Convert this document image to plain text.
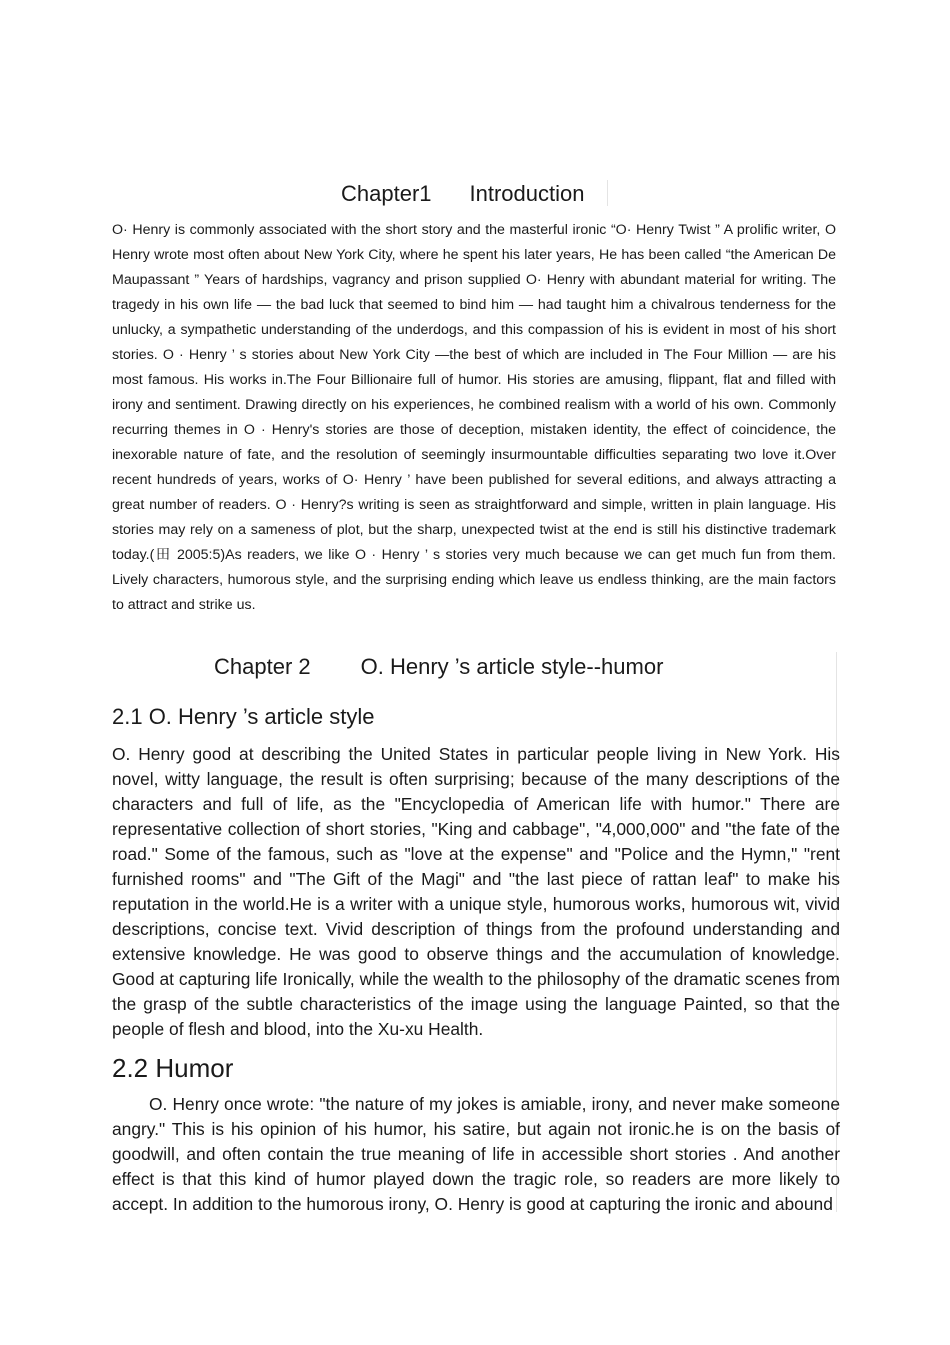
Chapter1 Introduction

O· Henry is commonly associated with the short story and the masterful ironic “O· Henry Twist ” A prolific writer, O Henry wrote most often about New York City, where he spent his later years, He has been called “the American De Maupassant ” Years of hardships, vagrancy and prison supplied O· Henry with abundant material for writing. The tragedy in his own life — the bad luck that seemed to bind him — had taught him a chivalrous tenderness for the unlucky, a sympathetic understanding of the underdogs, and this compassion of his is evident in most of his short stories. O · Henry ’ s stories about New York City —the best of which are included in The Four Million — are his most famous. His works in.The Four Billionaire full of humor. His stories are amusing, flippant, flat and filled with irony and sentiment. Drawing directly on his experiences, he combined realism with a world of his own. Commonly recurring themes in O · Henry's stories are those of deception, mistaken identity, the effect of coincidence, the inexorable nature of fate, and the resolution of seemingly insurmountable difficulties separating two love it.Over recent hundreds of years, works of O· Henry ’ have been published for several editions, and always attracting a great number of readers. O · Henry?s writing is seen as straightforward and simple, written in plain language. His stories may rely on a sameness of plot, but the sharp, unexpected twist at the end is still his distinctive trademark today.(田 2005:5)As readers, we like O · Henry ’ s stories very much because we can get much fun from them. Lively characters, humorous style, and the surprising ending which leave us endless thinking, are the main factors to attract and strike us.

Chapter 2 O. Henry ’s article style--humor
2.1 O. Henry ’s article style

O. Henry good at describing the United States in particular people living in New York. His novel, witty language, the result is often surprising; because of the many descriptions of the characters and full of life, as the "Encyclopedia of American life with humor." There are representative collection of short stories, "King and cabbage", "4,000,000" and "the fate of the road." Some of the famous, such as "love at the expense" and "Police and the Hymn," "rent furnished rooms" and "The Gift of the Magi" and "the last piece of rattan leaf" to make his reputation in the world.He is a writer with a unique style, humorous works, humorous wit, vivid descriptions, concise text. Vivid description of things from the profound understanding and extensive knowledge. He was good to observe things and the accumulation of knowledge. Good at capturing life Ironically, while the wealth to the philosophy of the dramatic scenes from the grasp of the subtle characteristics of the image using the language Painted, so that the people of flesh and blood, into the Xu-xu Health.

2.2 Humor

O. Henry once wrote: "the nature of my jokes is amiable, irony, and never make someone angry." This is his opinion of his humor, his satire, but again not ironic.he is on the basis of goodwill, and often contain the true meaning of life in accessible short stories . And another effect is that this kind of humor played down the tragic role, so readers are more likely to accept. In addition to the humorous irony, O. Henry is good at capturing the ironic and abound
